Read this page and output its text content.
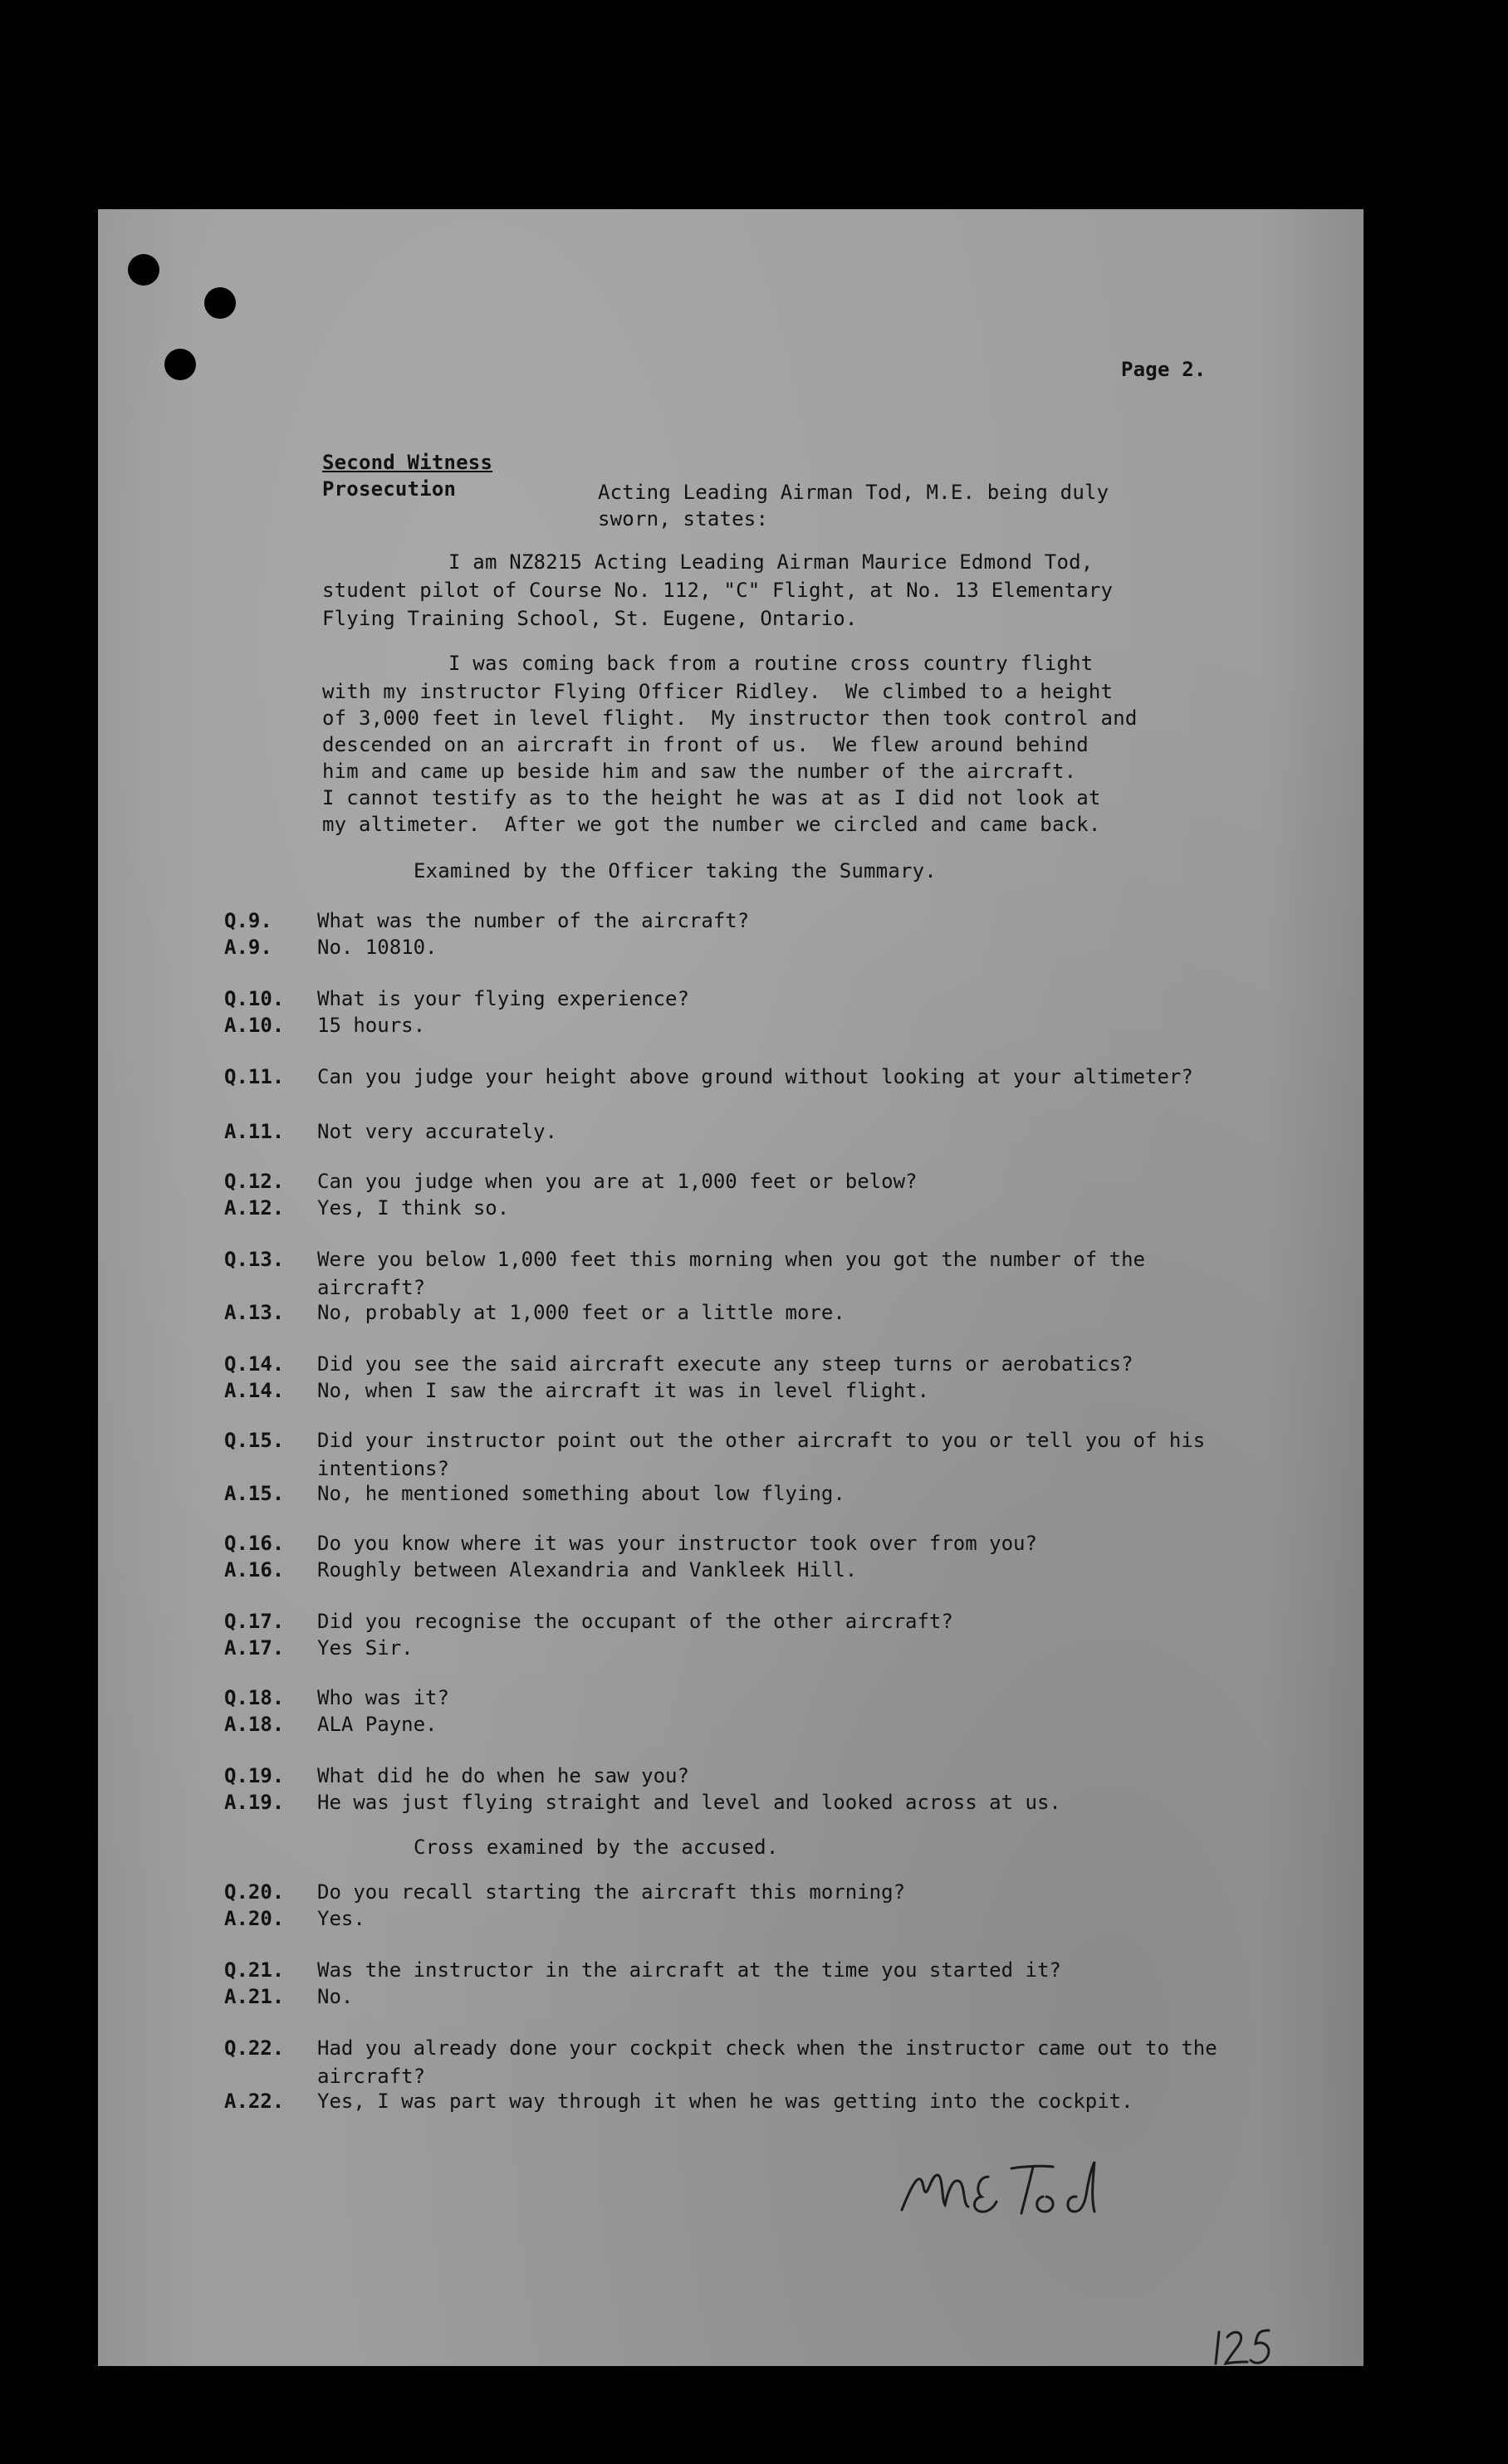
Page 2.
Second Witness
Prosecution	Acting Leading Airman Tod, M.E. being duly
sworn, states:
I am NZ8215 Acting Leading Airman Maurice Edmond Tod,
student pilot of Course No. 112, "C" Flight, at No. 13 Elementary
Flying Training School, St. Eugene, Ontario.
I was coming back from a routine cross country flight
with my instructor Flying Officer Ridley.  We climbed to a height
of 3,000 feet in level flight.  My instructor then took control and
descended on an aircraft in front of us.  We flew around behind
him and came up beside him and saw the number of the aircraft.
I cannot testify as to the height he was at as I did not look at
my altimeter.  After we got the number we circled and came back.
Examined by the Officer taking the Summary.
Q.9. What was the number of the aircraft?
A.9. No. 10810.
Q.10. What is your flying experience?
A.10. 15 hours.
Q.11. Can you judge your height above ground without looking at your altimeter?
A.11. Not very accurately.
Q.12. Can you judge when you are at 1,000 feet or below?
A.12. Yes, I think so.
Q.13. Were you below 1,000 feet this morning when you got the number of the aircraft?
A.13. No, probably at 1,000 feet or a little more.
Q.14. Did you see the said aircraft execute any steep turns or aerobatics?
A.14. No, when I saw the aircraft it was in level flight.
Q.15. Did your instructor point out the other aircraft to you or tell you of his intentions?
A.15. No, he mentioned something about low flying.
Q.16. Do you know where it was your instructor took over from you?
A.16. Roughly between Alexandria and Vankleek Hill.
Q.17. Did you recognise the occupant of the other aircraft?
A.17. Yes Sir.
Q.18. Who was it?
A.18. ALA Payne.
Q.19. What did he do when he saw you?
A.19. He was just flying straight and level and looked across at us.
Cross examined by the accused.
Q.20. Do you recall starting the aircraft this morning?
A.20. Yes.
Q.21. Was the instructor in the aircraft at the time you started it?
A.21. No.
Q.22. Had you already done your cockpit check when the instructor came out to the aircraft?
A.22. Yes, I was part way through it when he was getting into the cockpit.
